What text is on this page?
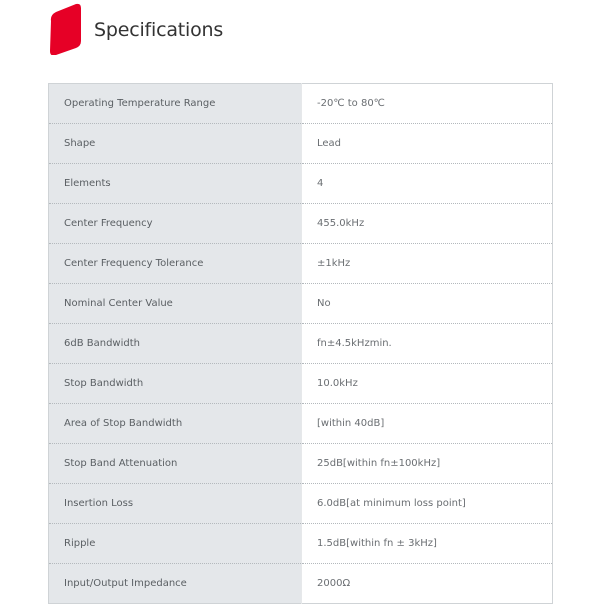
Specifications
Operating Temperature Range	-20℃ to 80℃
Shape	Lead
Elements	4
Center Frequency	455.0kHz
Center Frequency Tolerance	±1kHz
Nominal Center Value	No
6dB Bandwidth	fn±4.5kHzmin.
Stop Bandwidth	10.0kHz
Area of Stop Bandwidth	[within 40dB]
Stop Band Attenuation	25dB[within fn±100kHz]
Insertion Loss	6.0dB[at minimum loss point]
Ripple	1.5dB[within fn ± 3kHz]
Input/Output Impedance	2000Ω
